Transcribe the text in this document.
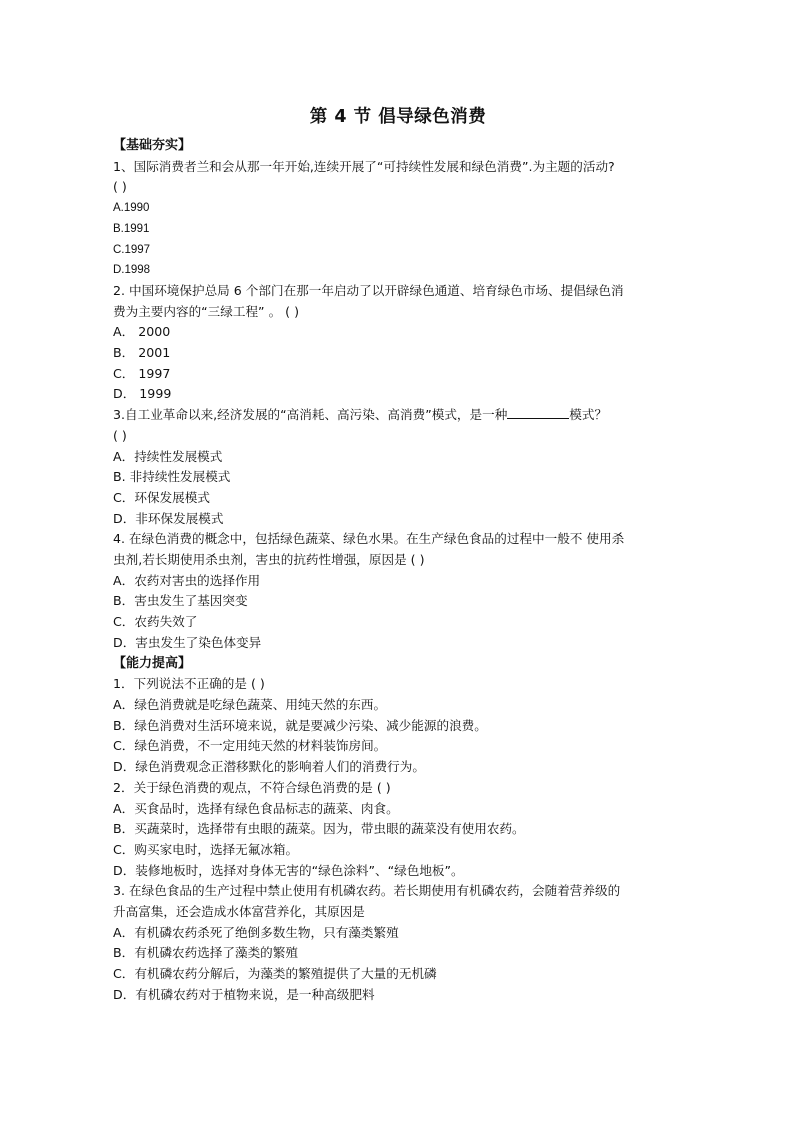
第 4 节 倡导绿色消费
【基础夯实】
1、国际消费者兰和会从那一年开始,连续开展了“可持续性发展和绿色消费”.为主题的活动?
( )
A.1990
B.1991
C.1997
D.1998
2. 中国环境保护总局 6 个部门在那一年启动了以开辟绿色通道、培育绿色市场、提倡绿色消
费为主要内容的“三绿工程” 。 ( )
A． 2000
B． 2001
C． 1997
D． 1999
3.自工业革命以来,经济发展的“高消耗、高污染、高消费”模式，是一种	模式？
( )
A．持续性发展模式
B. 非持续性发展模式
C．环保发展模式
D．非环保发展模式
4. 在绿色消费的概念中，包括绿色蔬菜、绿色水果。在生产绿色食品的过程中一般不 使用杀
虫剂,若长期使用杀虫剂，害虫的抗药性增强，原因是 ( )
A．农药对害虫的选择作用
B．害虫发生了基因突变
C．农药失效了
D．害虫发生了染色体变异
【能力提高】
1．下列说法不正确的是 ( )
A．绿色消费就是吃绿色蔬菜、用纯天然的东西。
B．绿色消费对生活环境来说，就是要减少污染、减少能源的浪费。
C．绿色消费，不一定用纯天然的材料装饰房间。
D．绿色消费观念正潜移默化的影响着人们的消费行为。
2．关于绿色消费的观点，不符合绿色消费的是 ( )
A．买食品时，选择有绿色食品标志的蔬菜、肉食。
B．买蔬菜时，选择带有虫眼的蔬菜。因为，带虫眼的蔬菜没有使用农药。
C．购买家电时，选择无氟冰箱。
D．装修地板时，选择对身体无害的“绿色涂料”、“绿色地板”。
3. 在绿色食品的生产过程中禁止使用有机磷农药。若长期使用有机磷农药，会随着营养级的
升高富集，还会造成水体富营养化，其原因是
A．有机磷农药杀死了绝倒多数生物，只有藻类繁殖
B．有机磷农药选择了藻类的繁殖
C．有机磷农药分解后，为藻类的繁殖提供了大量的无机磷
D．有机磷农药对于植物来说，是一种高级肥料
